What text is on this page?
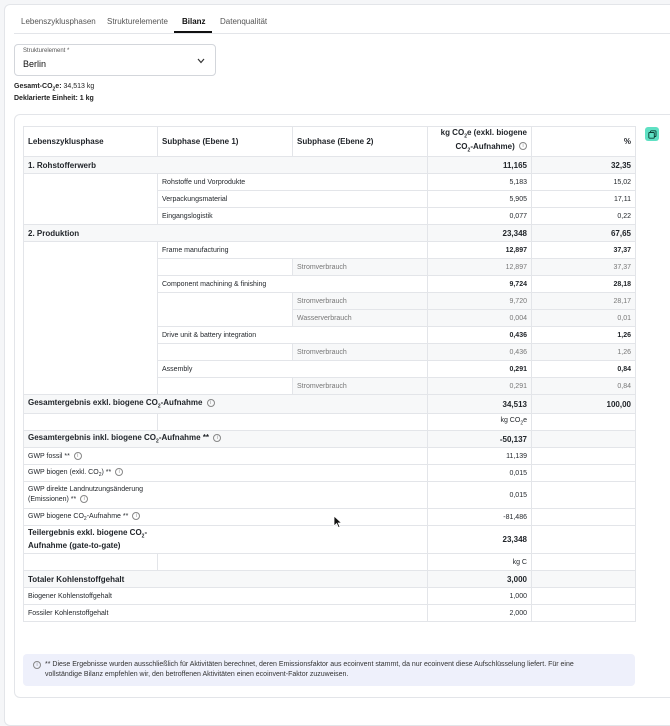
Lebenszyklusphasen Strukturelemente Bilanz Datenqualität
Strukturelement *
Berlin
Gesamt-$CO_2e$: 34,513 kg
Deklarierte Einheit: 1 kg
Lebenszyklusphase	Subphase (Ebene 1)	Subphase (Ebene 2)	kg $CO_2e$ (exkl. biogene
$CO_2-Aufnahme$) i	%
1. Rohstofferwerb			11,165	32,35
	Rohstoffe und Vorprodukte		5,183	15,02
	Verpackungsmaterial		5,905	17,11
	Eingangslogistik		0,077	0,22
2. Produktion			23,348	67,65
	Frame manufacturing		12,897	37,37
		Stromverbrauch	12,897	37,37
	Component machining & finishing		9,724	28,18
		Stromverbrauch	9,720	28,17
		Wasserverbrauch	0,004	0,01
	Drive unit & battery integration		0,436	1,26
		Stromverbrauch	0,436	1,26
	Assembly		0,291	0,84
		Stromverbrauch	0,291	0,84
Gesamtergebnis exkl. biogene $CO_2$-Aufnahme i			34,513	100,00
			kg $CO_2e$	
Gesamtergebnis inkl. biogene $CO_2$-Aufnahme ** i			-50,137	
GWP fossil ** i			11,139	
GWP biogen (exkl. $CO_2$) ** i			0,015	
GWP direkte Landnutzungsänderung
(Emissionen) ** i			0,015	
GWP biogene $CO_2$-Aufnahme ** i			-81,486	
Teilergebnis exkl. biogene $CO_2-$
Aufnahme (gate-to-gate)			23,348	
			kg C	
Totaler Kohlenstoffgehalt			3,000	
Biogener Kohlenstoffgehalt			1,000	
Fossiler Kohlenstoffgehalt			2,000	
i	** Diese Ergebnisse wurden ausschließlich für Aktivitäten berechnet, deren Emissionsfaktor aus ecoinvent stammt, da nur ecoinvent diese Aufschlüsselung liefert. Für eine
vollständige Bilanz empfehlen wir, den betroffenen Aktivitäten einen ecoinvent-Faktor zuzuweisen.
